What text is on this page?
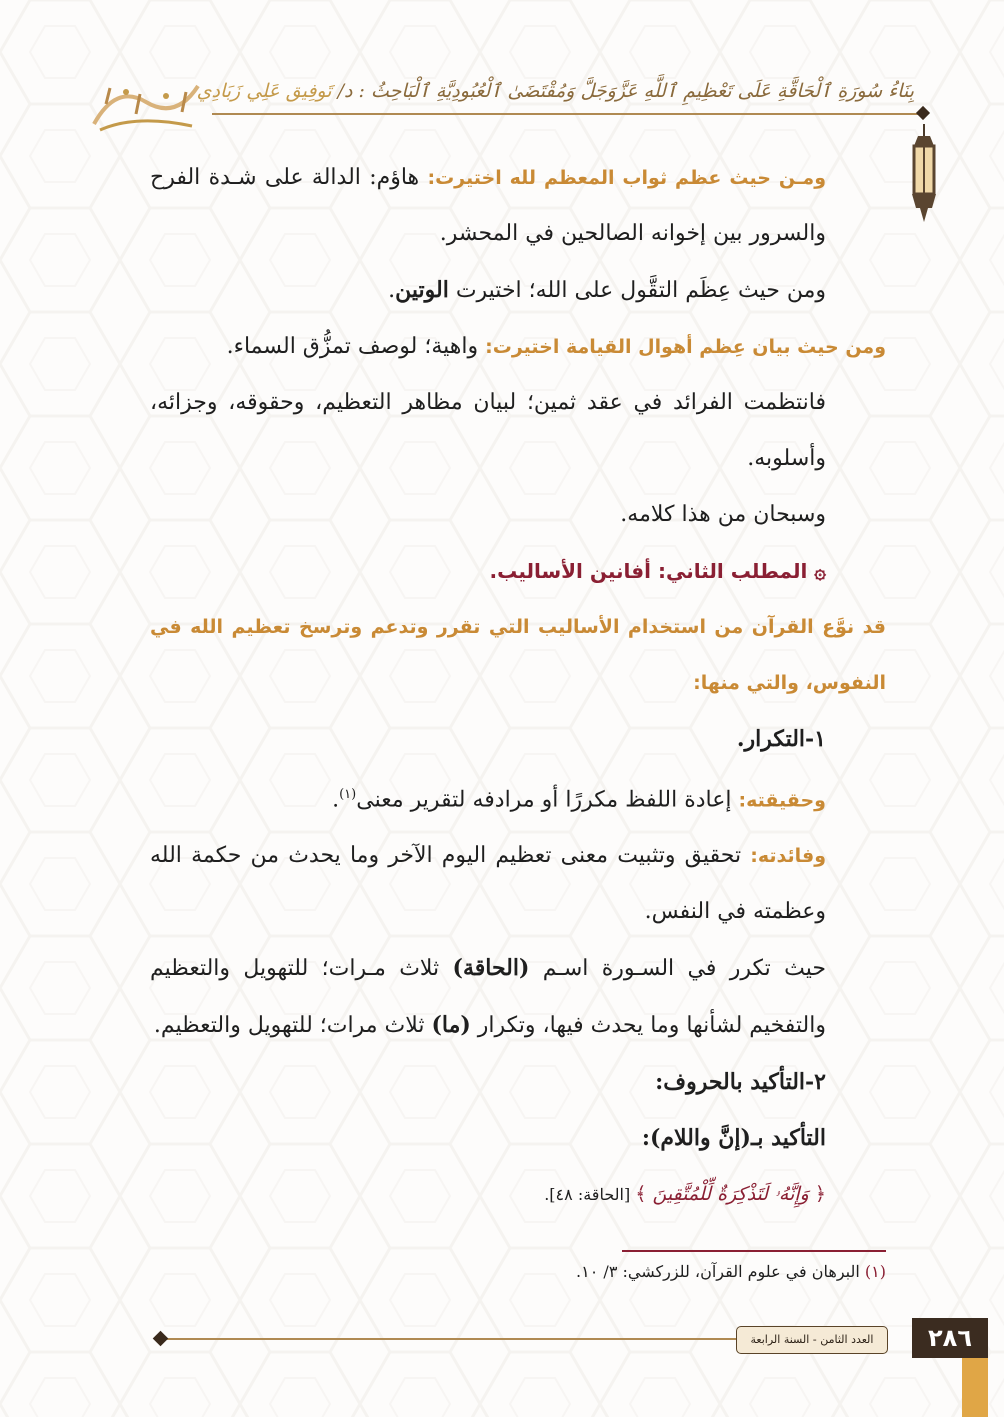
بِنَاءُ سُورَةِ ٱلْحَاقَّةِ عَلَى تَعْظِيمِ ٱللَّهِ عَزَّوَجَلَّ وَمُقْتَضَىٰ ٱلْعُبُودِيَّةِ ٱلْبَاحِثُ : د/ تَوفِيق عَلِي زَبَادِي

ومـن حيث عظم ثواب المعظم لله اختيرت: هاؤم: الدالة على شـدة الفرح والسرور بين إخوانه الصالحين في المحشر.

ومن حيث عِظَم التقَّول على الله؛ اختيرت الوتين.

ومن حيث بيان عِظم أهوال القيامة اختيرت: واهية؛ لوصف تمزُّق السماء.

فانتظمت الفرائد في عقد ثمين؛ لبيان مظاهر التعظيم، وحقوقه، وجزائه، وأسلوبه.

وسبحان من هذا كلامه.

۞ المطلب الثاني: أفانين الأساليب.

قد نوَّع القرآن من استخدام الأساليب التي تقرر وتدعم وترسخ تعظيم الله في النفوس، والتي منها:

١-التكرار.

وحقيقته: إعادة اللفظ مكررًا أو مرادفه لتقرير معنى$^{(١)}$.

وفائدته: تحقيق وتثبيت معنى تعظيم اليوم الآخر وما يحدث من حكمة الله وعظمته في النفس.

حيث تكرر في السـورة اسـم (الحاقة) ثلاث مـرات؛ للتهويل والتعظيم والتفخيم لشأنها وما يحدث فيها، وتكرار (ما) ثلاث مرات؛ للتهويل والتعظيم.

٢-التأكيد بالحروف:

التأكيد بـ(إنَّ واللام):

﴿ وَإِنَّهُۥ لَتَذْكِرَةٌ لِّلْمُتَّقِينَ ﴾ [الحاقة: ٤٨].

(١) البرهان في علوم القرآن، للزركشي: ٣/ ١٠.
العدد الثامن - السنة الرابعة	٢٨٦
